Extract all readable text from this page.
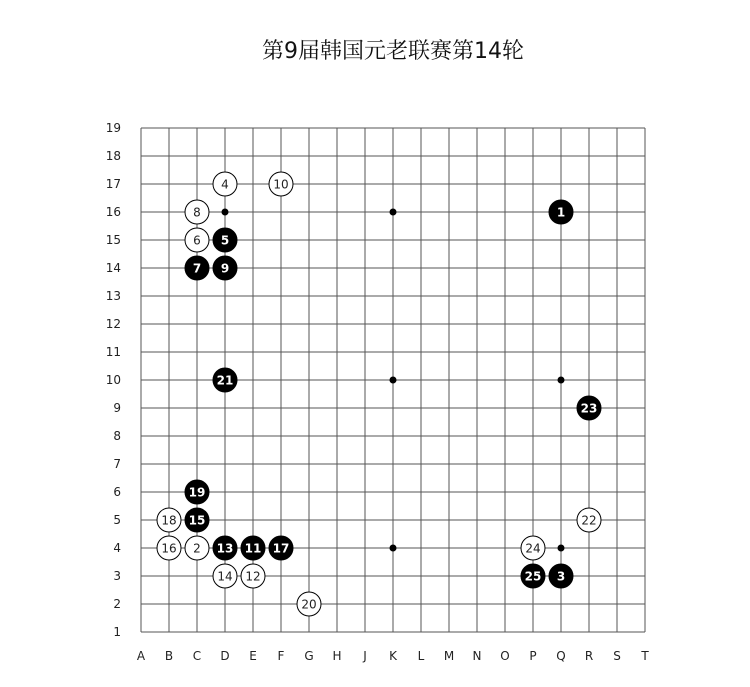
第9届韩国元老联赛第14轮
A B C D E F G H J K L M N O P Q R S T
19
18
17
16
15
14
13
12
11
10
9
8
7
6
5
4
3
2
1
1
2
3
4
5
6
7
8
9
10
11
12
13
14
15
16	17
18
19
20
21
22
23
24
25
